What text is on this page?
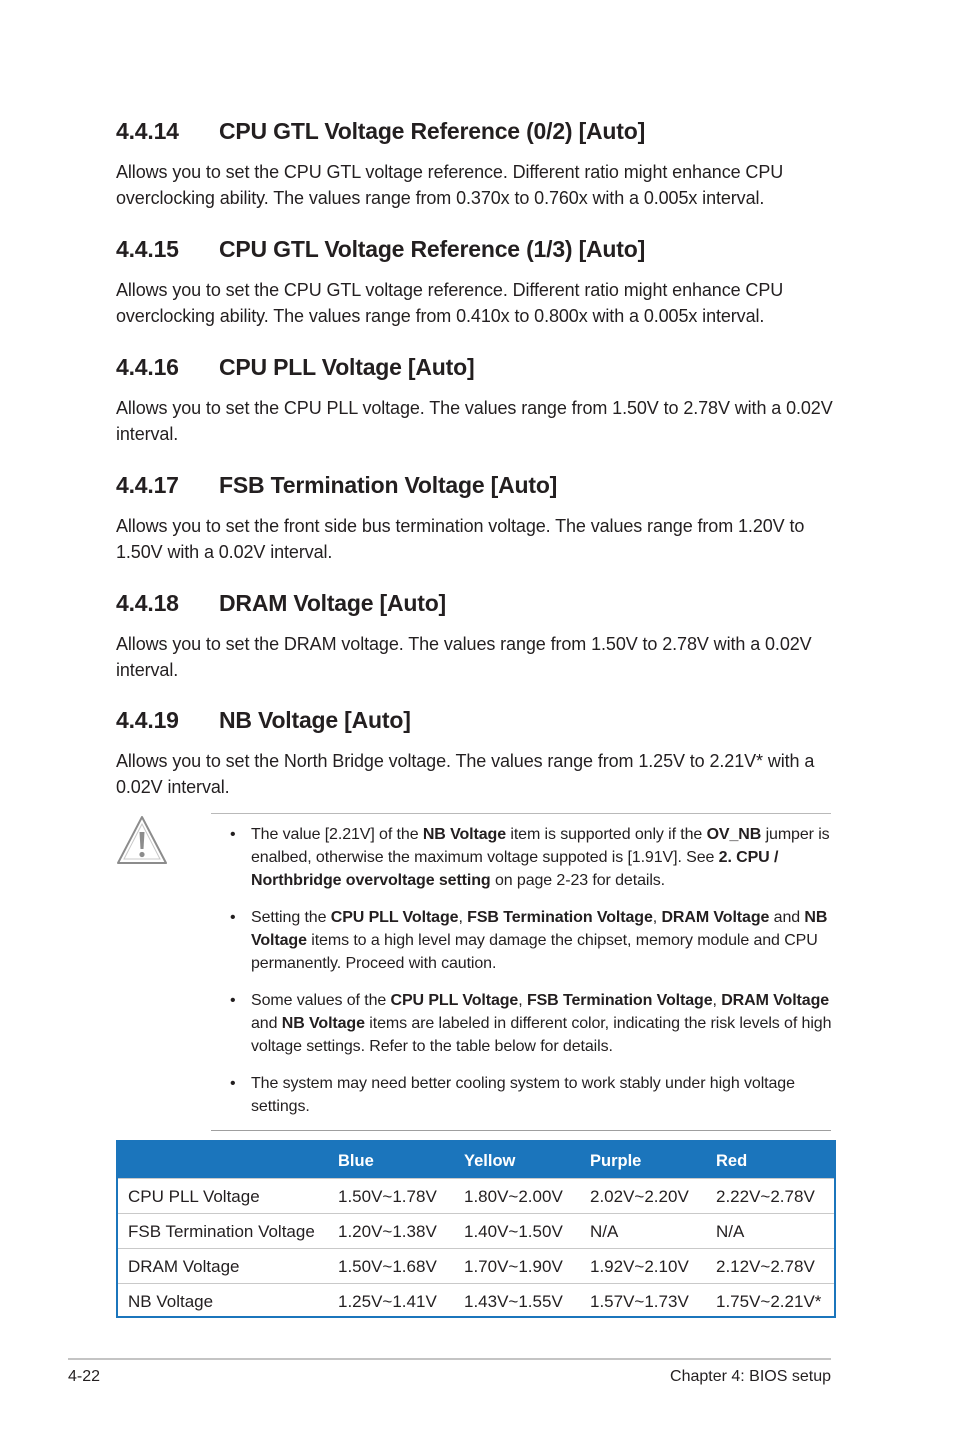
4.4.14 CPU GTL Voltage Reference (0/2) [Auto]

Allows you to set the CPU GTL voltage reference. Different ratio might enhance CPU overclocking ability. The values range from 0.370x to 0.760x with a 0.005x interval.

4.4.15 CPU GTL Voltage Reference (1/3) [Auto]

Allows you to set the CPU GTL voltage reference. Different ratio might enhance CPU overclocking ability. The values range from 0.410x to 0.800x with a 0.005x interval.

4.4.16 CPU PLL Voltage [Auto]

Allows you to set the CPU PLL voltage. The values range from 1.50V to 2.78V with a 0.02V interval.

4.4.17 FSB Termination Voltage [Auto]

Allows you to set the front side bus termination voltage. The values range from 1.20V to 1.50V with a 0.02V interval.

4.4.18 DRAM Voltage [Auto]

Allows you to set the DRAM voltage. The values range from 1.50V to 2.78V with a 0.02V interval.

4.4.19 NB Voltage [Auto]

Allows you to set the North Bridge voltage. The values range from 1.25V to 2.21V* with a 0.02V interval.

• The value [2.21V] of the NB Voltage item is supported only if the OV_NB jumper is enalbed, otherwise the maximum voltage suppoted is [1.91V]. See 2. CPU / Northbridge overvoltage setting on page 2-23 for details.
• Setting the CPU PLL Voltage, FSB Termination Voltage, DRAM Voltage and NB Voltage items to a high level may damage the chipset, memory module and CPU permanently. Proceed with caution.
• Some values of the CPU PLL Voltage, FSB Termination Voltage, DRAM Voltage and NB Voltage items are labeled in different color, indicating the risk levels of high voltage settings. Refer to the table below for details.
• The system may need better cooling system to work stably under high voltage settings.
Blue	Yellow	Purple	Red
CPU PLL Voltage	1.50V~1.78V 1.80V~2.00V 2.02V~2.20V 2.22V~2.78V
FSB Termination Voltage 1.20V~1.38V 1.40V~1.50V N/A	N/A
DRAM Voltage	1.50V~1.68V 1.70V~1.90V 1.92V~2.10V 2.12V~2.78V
NB Voltage	1.25V~1.41V 1.43V~1.55V 1.57V~1.73V 1.75V~2.21V*
4-22	Chapter 4: BIOS setup
